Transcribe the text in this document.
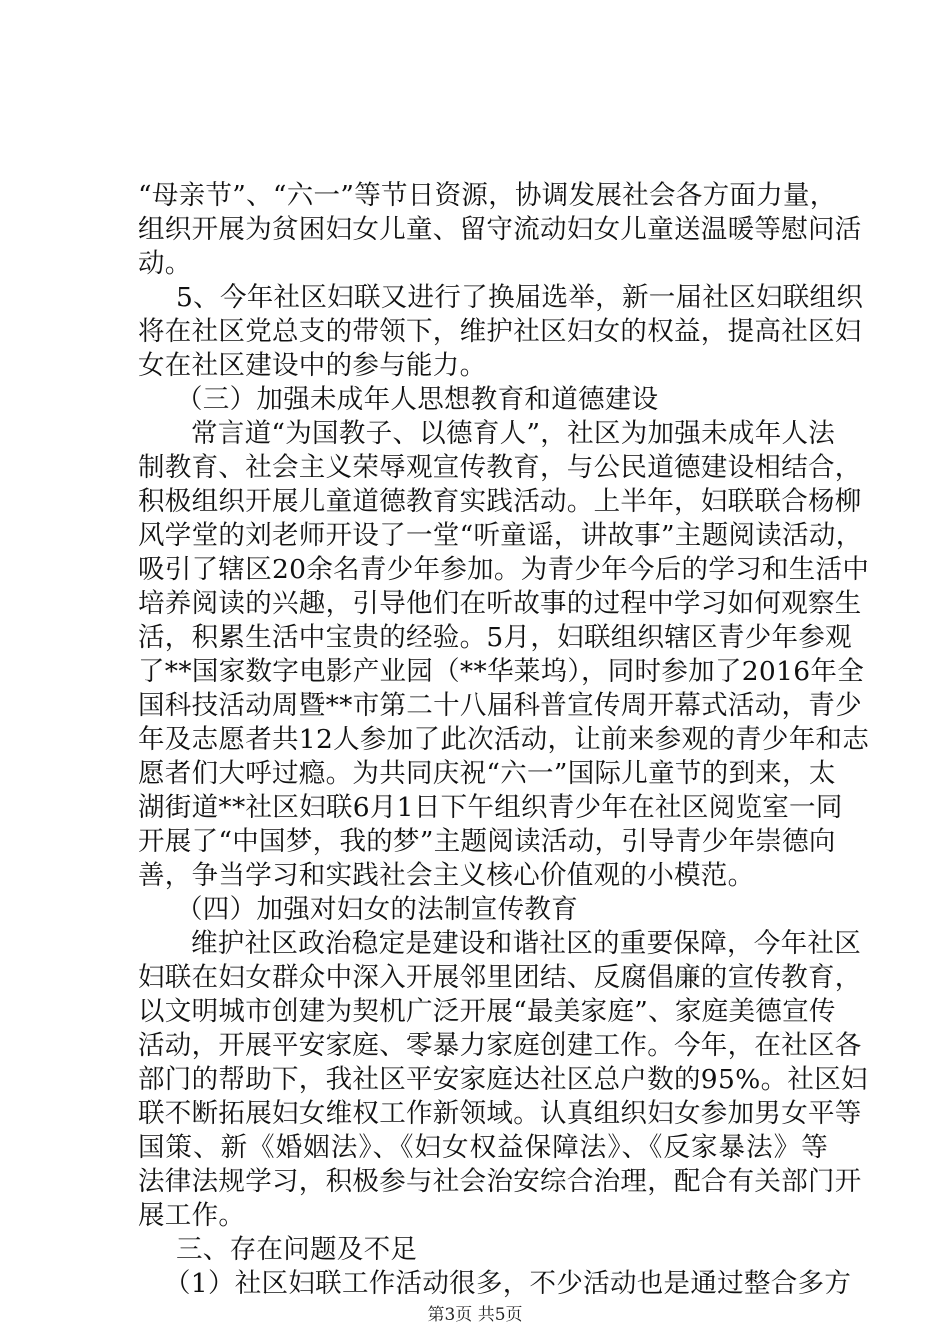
“母亲节”、“六一”等节日资源，协调发展社会各方面力量，
组织开展为贫困妇女儿童、留守流动妇女儿童送温暖等慰问活
动。
5、今年社区妇联又进行了换届选举，新一届社区妇联组织
将在社区党总支的带领下，维护社区妇女的权益，提高社区妇
女在社区建设中的参与能力。
（三）加强未成年人思想教育和道德建设
常言道“为国教子、以德育人”，社区为加强未成年人法
制教育、社会主义荣辱观宣传教育，与公民道德建设相结合，
积极组织开展儿童道德教育实践活动。上半年，妇联联合杨柳
风学堂的刘老师开设了一堂“听童谣，讲故事”主题阅读活动，
吸引了辖区20余名青少年参加。为青少年今后的学习和生活中
培养阅读的兴趣，引导他们在听故事的过程中学习如何观察生
活，积累生活中宝贵的经验。5月，妇联组织辖区青少年参观
了**国家数字电影产业园（**华莱坞），同时参加了2016年全
国科技活动周暨**市第二十八届科普宣传周开幕式活动，青少
年及志愿者共12人参加了此次活动，让前来参观的青少年和志
愿者们大呼过瘾。为共同庆祝“六一”国际儿童节的到来，太
湖街道**社区妇联6月1日下午组织青少年在社区阅览室一同
开展了“中国梦，我的梦”主题阅读活动，引导青少年崇德向
善，争当学习和实践社会主义核心价值观的小模范。
（四）加强对妇女的法制宣传教育
维护社区政治稳定是建设和谐社区的重要保障，今年社区
妇联在妇女群众中深入开展邻里团结、反腐倡廉的宣传教育，
以文明城市创建为契机广泛开展“最美家庭”、家庭美德宣传
活动，开展平安家庭、零暴力家庭创建工作。今年，在社区各
部门的帮助下，我社区平安家庭达社区总户数的95%。社区妇
联不断拓展妇女维权工作新领域。认真组织妇女参加男女平等
国策、新《婚姻法》、《妇女权益保障法》、《反家暴法》等
法律法规学习，积极参与社会治安综合治理，配合有关部门开
展工作。
三、存在问题及不足
（1）社区妇联工作活动很多，不少活动也是通过整合多方
第3页 共5页
